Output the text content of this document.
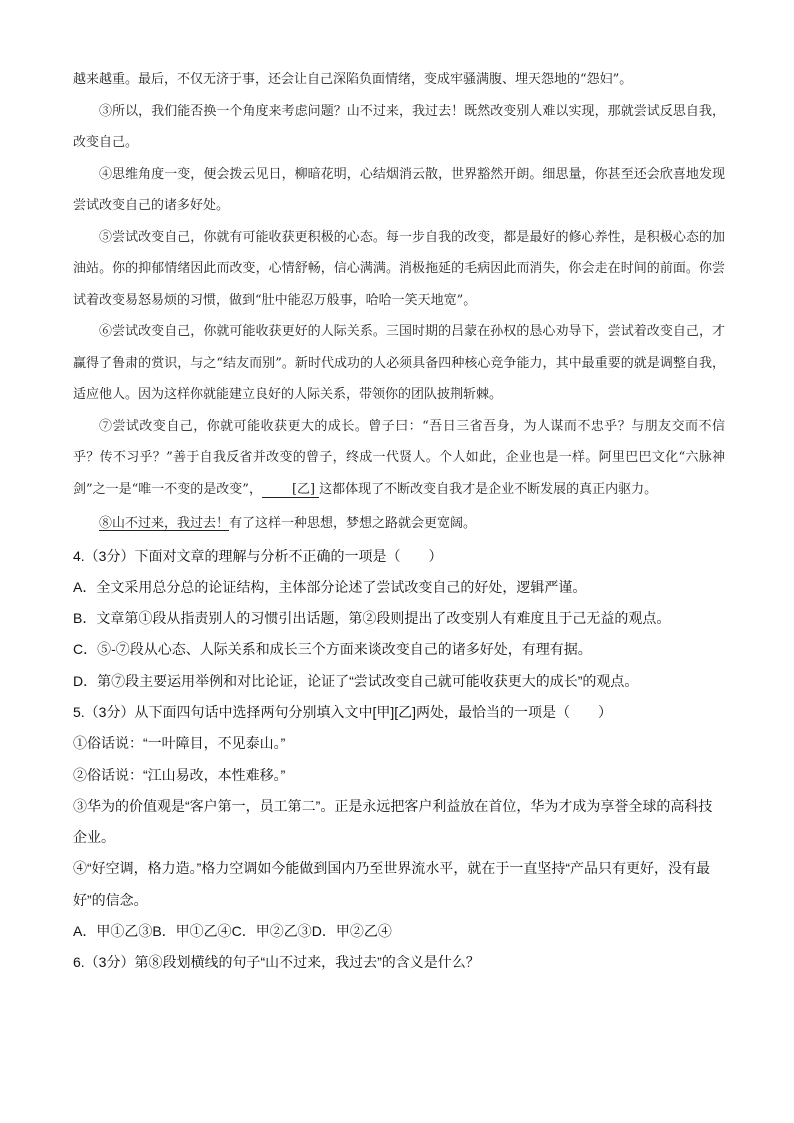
越来越重。最后，不仅无济于事，还会让自己深陷负面情绪，变成牢骚满腹、埋天怨地的“怨妇”。

③所以，我们能否换一个角度来考虑问题？山不过来，我过去！既然改变别人难以实现，那就尝试反思自我，改变自己。

④思维角度一变，便会拨云见日，柳暗花明，心结烟消云散，世界豁然开朗。细思量，你甚至还会欣喜地发现尝试改变自己的诸多好处。

⑤尝试改变自己，你就有可能收获更积极的心态。每一步自我的改变，都是最好的修心养性，是积极心态的加油站。你的抑郁情绪因此而改变，心情舒畅，信心满满。消极拖延的毛病因此而消失，你会走在时间的前面。你尝试着改变易怒易烦的习惯，做到“肚中能忍万般事，哈哈一笑天地宽”。

⑥尝试改变自己，你就可能收获更好的人际关系。三国时期的吕蒙在孙权的恳心劝导下，尝试着改变自己，才赢得了鲁肃的赏识，与之“结友而别”。新时代成功的人必须具备四种核心竞争能力，其中最重要的就是调整自我，适应他人。因为这样你就能建立良好的人际关系，带领你的团队披荆斩棘。

⑦尝试改变自己，你就可能收获更大的成长。曾子曰：“吾日三省吾身，为人谋而不忠乎？与朋友交而不信乎？传不习乎？”善于自我反省并改变的曾子，终成一代贤人。个人如此，企业也是一样。阿里巴巴文化“六脉神剑”之一是“唯一不变的是改变”， [乙] 这都体现了不断改变自我才是企业不断发展的真正内驱力。

⑧山不过来，我过去！有了这样一种思想，梦想之路就会更宽阔。

4.（3分）下面对文章的理解与分析不正确的一项是（　　）

A．全文采用总分总的论证结构，主体部分论述了尝试改变自己的好处，逻辑严谨。

B．文章第①段从指责别人的习惯引出话题，第②段则提出了改变别人有难度且于己无益的观点。

C．⑤-⑦段从心态、人际关系和成长三个方面来谈改变自己的诸多好处，有理有据。

D．第⑦段主要运用举例和对比论证，论证了“尝试改变自己就可能收获更大的成长”的观点。

5.（3分）从下面四句话中选择两句分别填入文中[甲][乙]两处，最恰当的一项是（　　）

①俗话说：“一叶障目，不见泰山。”

②俗话说：“江山易改，本性难移。”

③华为的价值观是“客户第一，员工第二”。正是永远把客户利益放在首位，华为才成为享誉全球的高科技企业。

④“好空调，格力造。”格力空调如今能做到国内乃至世界流水平，就在于一直坚持“产品只有更好，没有最好”的信念。

A．甲①乙③B．甲①乙④C．甲②乙③D．甲②乙④

6.（3分）第⑧段划横线的句子“山不过来，我过去”的含义是什么？
